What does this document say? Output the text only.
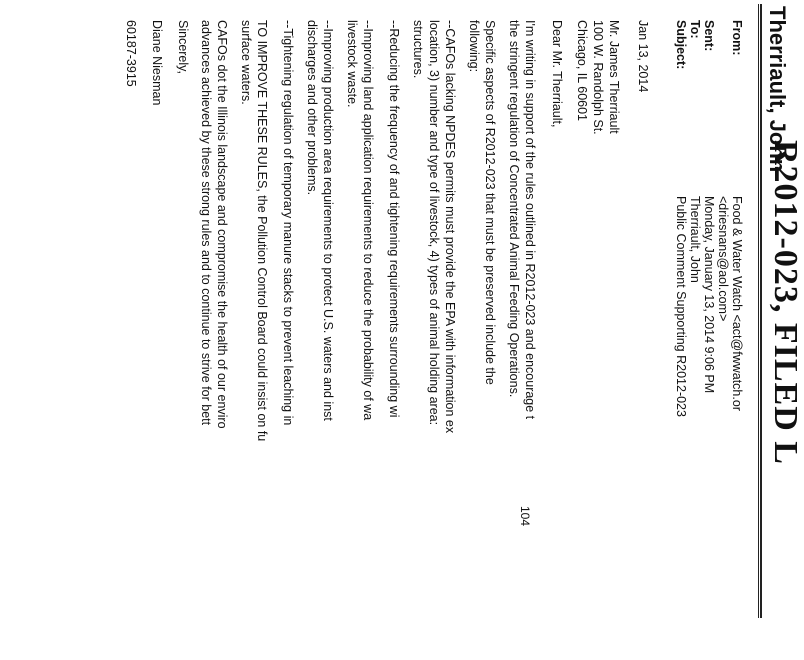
R2012-023, FILED L
Therriault, John
From:
Food & Water Watch <act@fwwatch.or
<driesnans@aol.com>
Sent:
Monday, January 13, 2014 9:06 PM
To:
Therriault, John
Subject:
Public Comment Supporting R2012-023
Jan 13, 2014
Mr. James Therriault
100 W. Randolph St.
Chicago, IL 60601
Dear Mr. Therriault,
I'm writing in support of the rules outlined in R2012-023 and encourage t
the stringent regulation of Concentrated Animal Feeding Operations.
Specific aspects of R2012-023 that must be preserved include the
following:
--CAFOs lacking NPDES permits must provide the EPA with information ex
location, 3) number and type of livestock, 4) types of animal holding area:
structures.
--Reducing the frequency of and tightening requirements surrounding wi
--Improving land application requirements to reduce the probability of wa
livestock waste.
--Improving production area requirements to protect U.S. waters and inst
discharges and other problems.
--Tightening regulation of temporary manure stacks to prevent leaching in
TO IMPROVE THESE RULES, the Pollution Control Board could insist on fu
surface waters.
CAFOs dot the Illinois landscape and compromise the health of our enviro
advances achieved by these strong rules and to continue to strive for bett
Sincerely,
Diane Niesman
60187-3915
104
